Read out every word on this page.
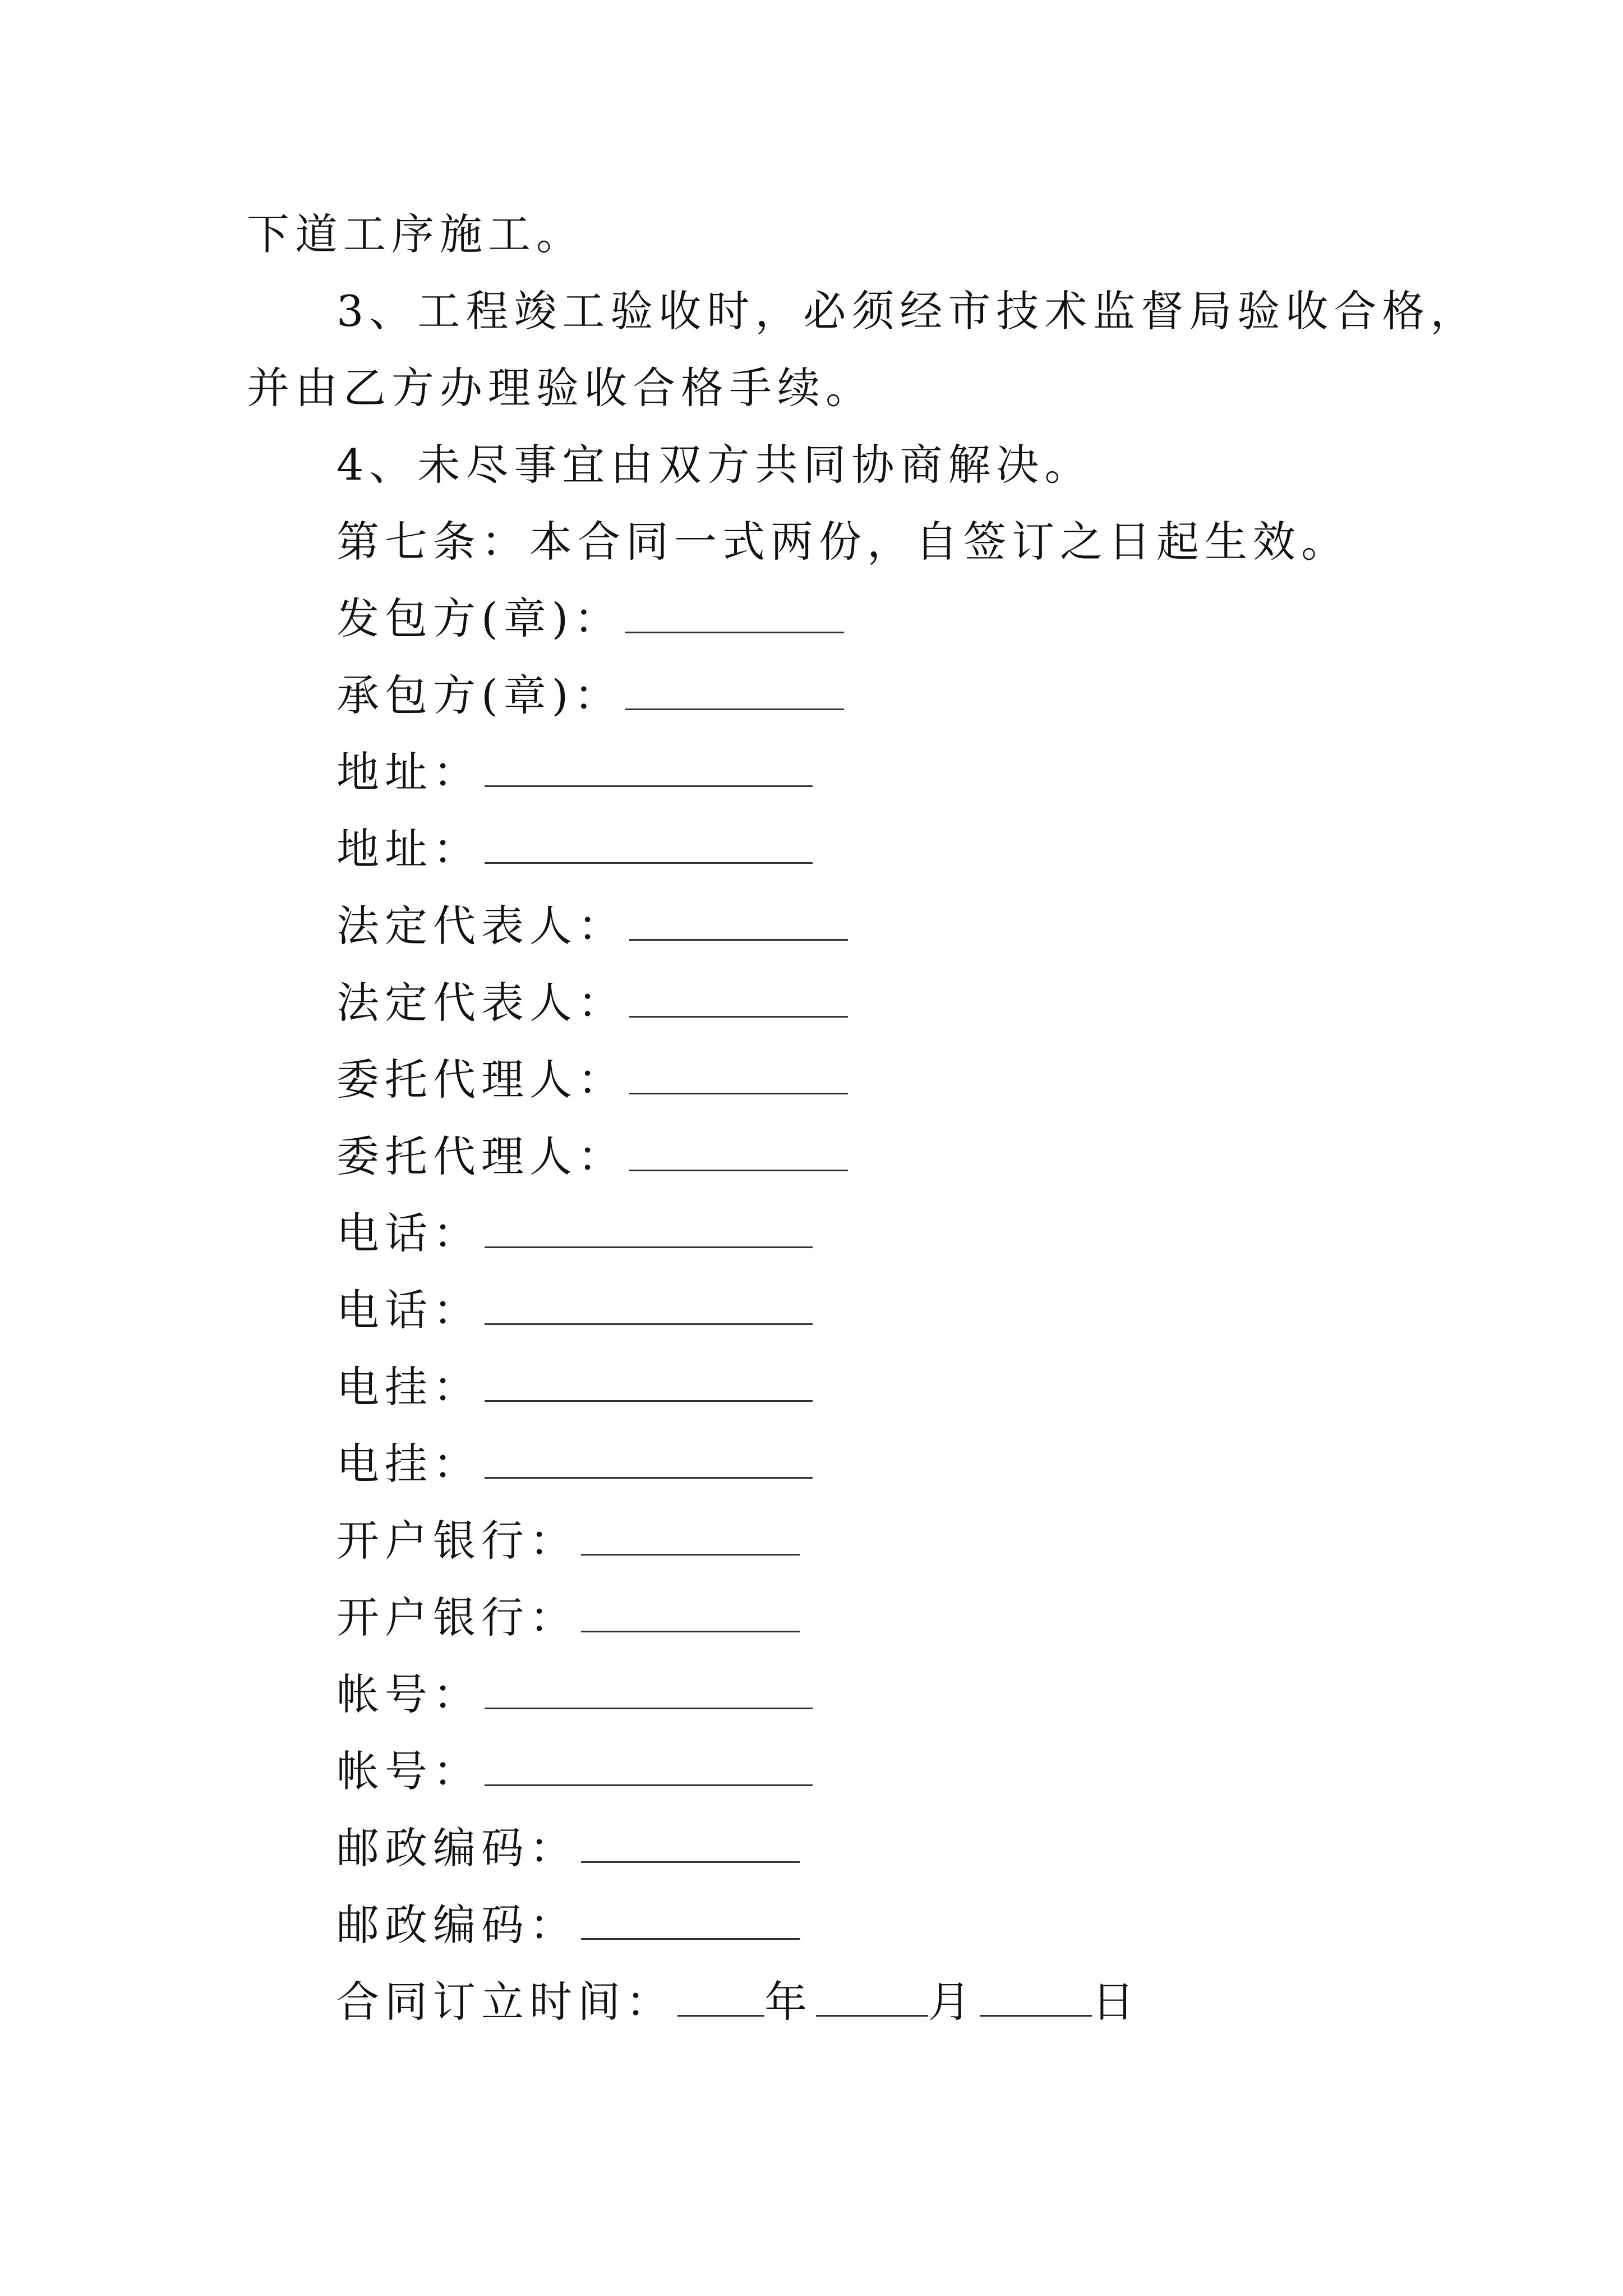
下道工序施工。
3、工程竣工验收时，必须经市技术监督局验收合格，
并由乙方办理验收合格手续。
4、未尽事宜由双方共同协商解决。
第七条：本合同一式两份，自签订之日起生效。
发包方(章)：
承包方(章)：
地址：
地址：
法定代表人：
法定代表人：
委托代理人：
委托代理人：
电话：
电话：
电挂：
电挂：
开户银行：
开户银行：
帐号：
帐号：
邮政编码：
邮政编码：
合同订立时间： 年	月	日
